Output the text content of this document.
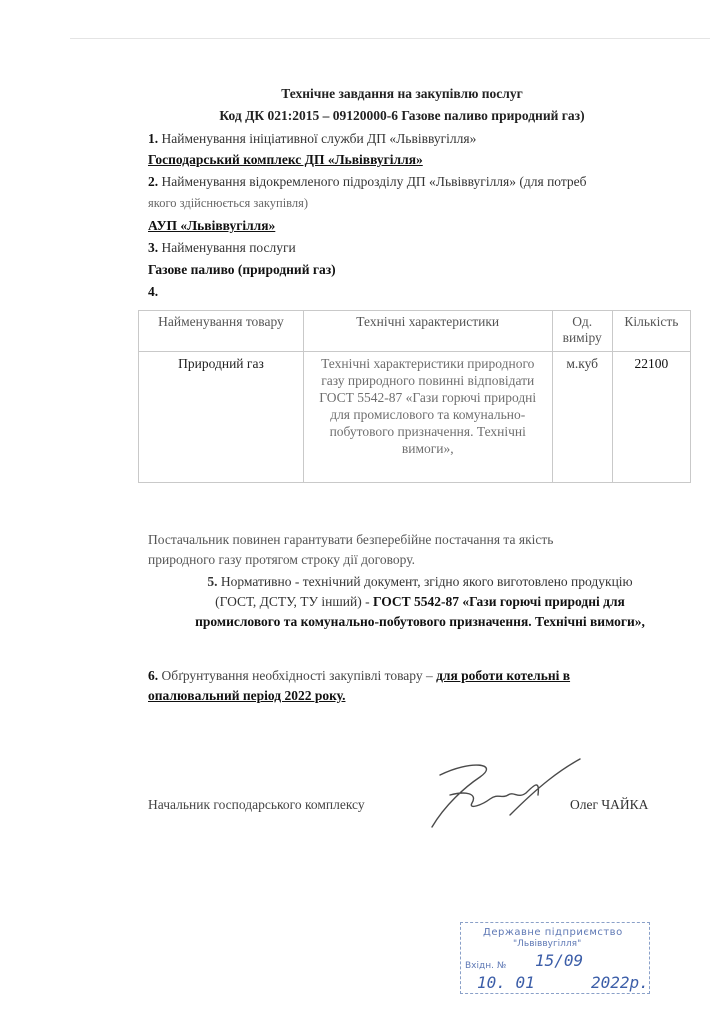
Технічне завдання на закупівлю послуг
Код ДК 021:2015 – 09120000-6 Газове паливо природний газ)
1. Найменування ініціативної служби ДП «Львіввугілля»
Господарський комплекс ДП «Львіввугілля»
2. Найменування відокремленого підрозділу ДП «Львіввугілля» (для потреб
якого здійснюється закупівля)
АУП «Львіввугілля»
3. Найменування послуги
Газове паливо (природний газ)
4.
Найменування товару	Технічні характеристики	Од. виміру	Кількість
Природний газ	Технічні характеристики природного газу природного повинні відповідати ГОСТ 5542-87 «Гази горючі природні для промислового та комунально-побутового призначення. Технічні вимоги»,	м.куб	22100
Постачальник повинен гарантувати безперебійне постачання та якість
природного газу протягом строку дії договору.
5. Нормативно - технічний документ, згідно якого виготовлено продукцію
(ГОСТ, ДСТУ, ТУ інший) - ГОСТ 5542-87 «Гази горючі природні для
промислового та комунально-побутового призначення. Технічні вимоги»,
6. Обґрунтування необхідності закупівлі товару – для роботи котельні в
опалювальний період 2022 року.
Начальник господарського комплексу	Олег ЧАЙКА
Державне підприємство
"Львіввугілля"
Вхідн. № 15/09
10. 01	2022р.
